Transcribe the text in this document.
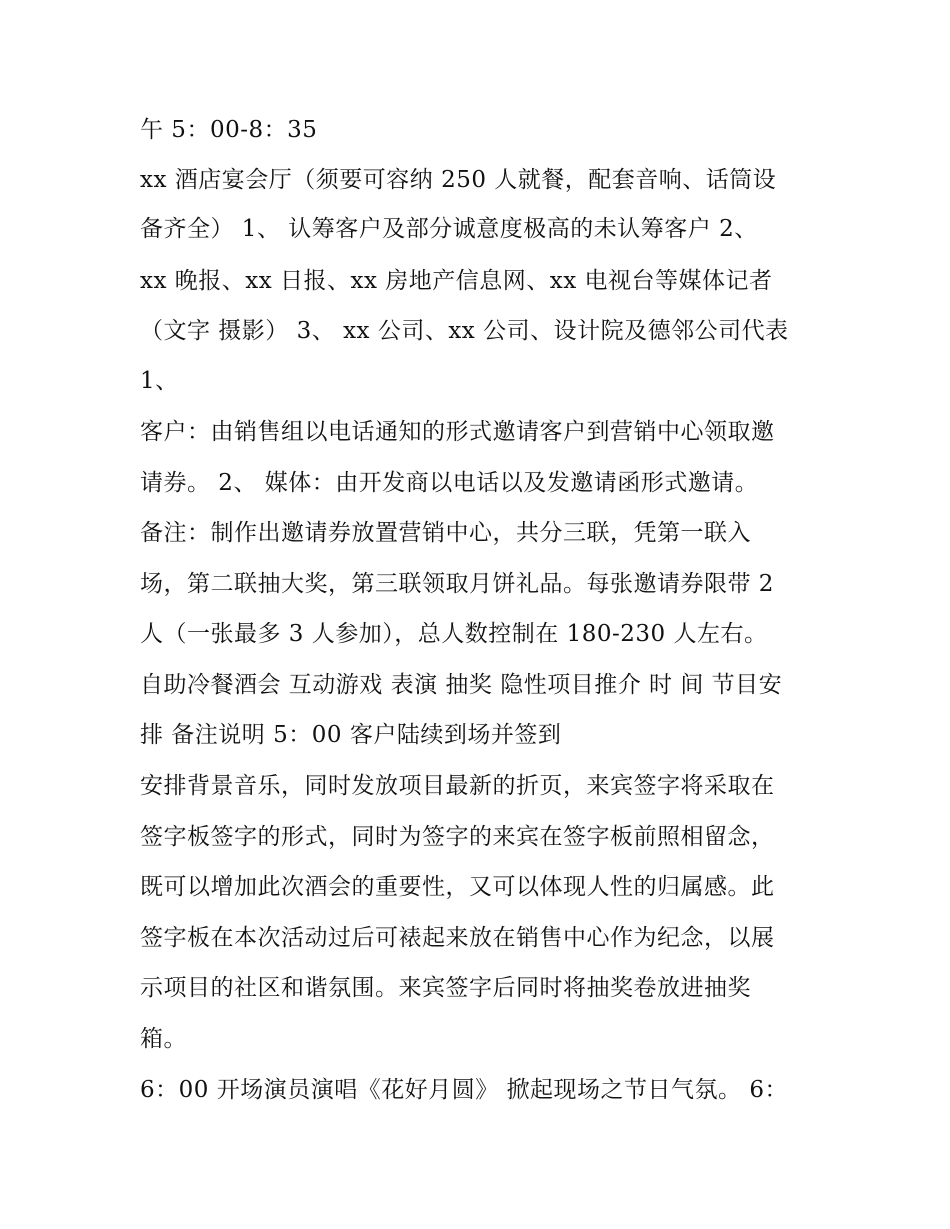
午 5：00-8：35
xx 酒店宴会厅（须要可容纳 250 人就餐，配套音响、话筒设
备齐全） 1、 认筹客户及部分诚意度极高的未认筹客户 2、
xx 晚报、xx 日报、xx 房地产信息网、xx 电视台等媒体记者
（文字 摄影） 3、 xx 公司、xx 公司、设计院及德邻公司代表
1、
客户：由销售组以电话通知的形式邀请客户到营销中心领取邀
请券。 2、 媒体：由开发商以电话以及发邀请函形式邀请。
备注：制作出邀请券放置营销中心，共分三联，凭第一联入
场，第二联抽大奖，第三联领取月饼礼品。每张邀请券限带 2
人（一张最多 3 人参加），总人数控制在 180-230 人左右。
自助冷餐酒会 互动游戏 表演 抽奖 隐性项目推介 时 间 节目安
排 备注说明 5：00 客户陆续到场并签到
安排背景音乐，同时发放项目最新的折页，来宾签字将采取在
签字板签字的形式，同时为签字的来宾在签字板前照相留念，
既可以增加此次酒会的重要性，又可以体现人性的归属感。此
签字板在本次活动过后可裱起来放在销售中心作为纪念，以展
示项目的社区和谐氛围。来宾签字后同时将抽奖卷放进抽奖
箱。
6：00 开场演员演唱《花好月圆》 掀起现场之节日气氛。 6：
